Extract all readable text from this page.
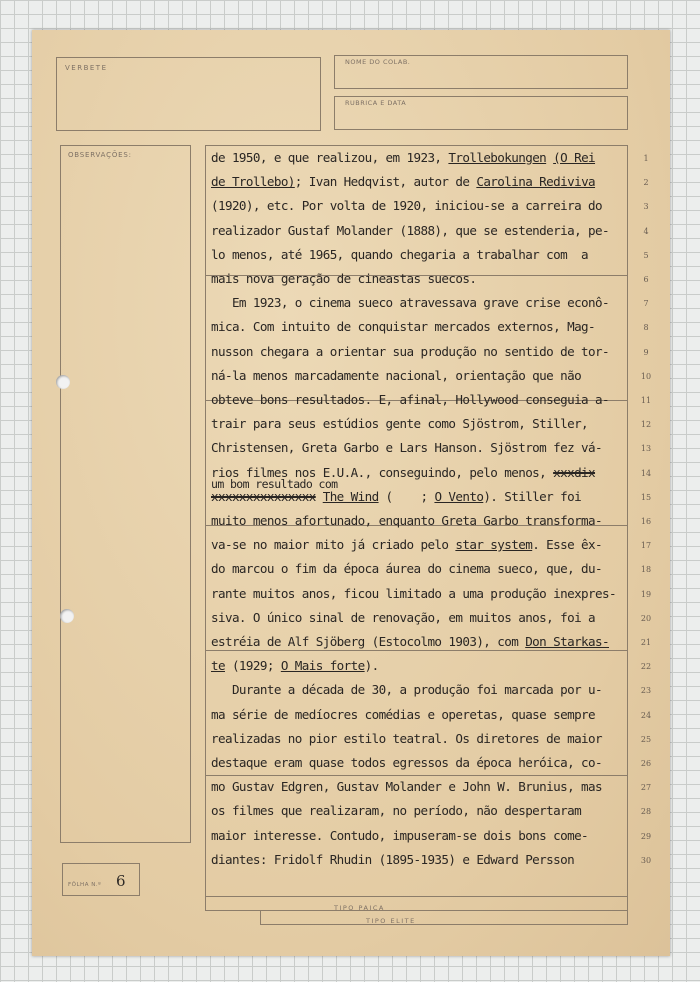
VERBETE
NOME DO COLAB.
RUBRICA E DATA
OBSERVAÇÕES:
FÔLHA N.º 6
de 1950, e que realizou, em 1923, Trollebokungen (O Rei	1
de Trollebo); Ivan Hedqvist, autor de Carolina Rediviva	2
(1920), etc. Por volta de 1920, iniciou-se a carreira do	3
realizador Gustaf Molander (1888), que se estenderia, pe-	4
lo menos, até 1965, quando chegaria a trabalhar com  a	5
mais nova geração de cineastas suecos.	6
Em 1923, o cinema sueco atravessava grave crise econô-	7
mica. Com intuito de conquistar mercados externos, Mag-	8
nusson chegara a orientar sua produção no sentido de tor-	9
ná-la menos marcadamente nacional, orientação que não	10
obteve bons resultados. E, afinal, Hollywood conseguia a-	11
trair para seus estúdios gente como Sjöstrom, Stiller,	12
Christensen, Greta Garbo e Lars Hanson. Sjöstrom fez vá-	13
rios filmes nos E.U.A., conseguindo, pelo menos, xxxdix	14
um bom resultado com
xxxxxxxxxxxxxxx The Wind (    ; O Vento). Stiller foi	15
muito menos afortunado, enquanto Greta Garbo transforma-	16
va-se no maior mito já criado pelo star system. Esse êx-	17
do marcou o fim da época áurea do cinema sueco, que, du-	18
rante muitos anos, ficou limitado a uma produção inexpres-	19
siva. O único sinal de renovação, em muitos anos, foi a	20
estréia de Alf Sjöberg (Estocolmo 1903), com Don Starkas-	21
te (1929; O Mais forte).	22
Durante a década de 30, a produção foi marcada por u-	23
ma série de medíocres comédias e operetas, quase sempre	24
realizadas no pior estilo teatral. Os diretores de maior	25
destaque eram quase todos egressos da época heróica, co-	26
mo Gustav Edgren, Gustav Molander e John W. Brunius, mas	27
os filmes que realizaram, no período, não despertaram	28
maior interesse. Contudo, impuseram-se dois bons come-	29
diantes: Fridolf Rhudin (1895-1935) e Edward Persson	30
TIPO PAICA
TIPO ELITE
